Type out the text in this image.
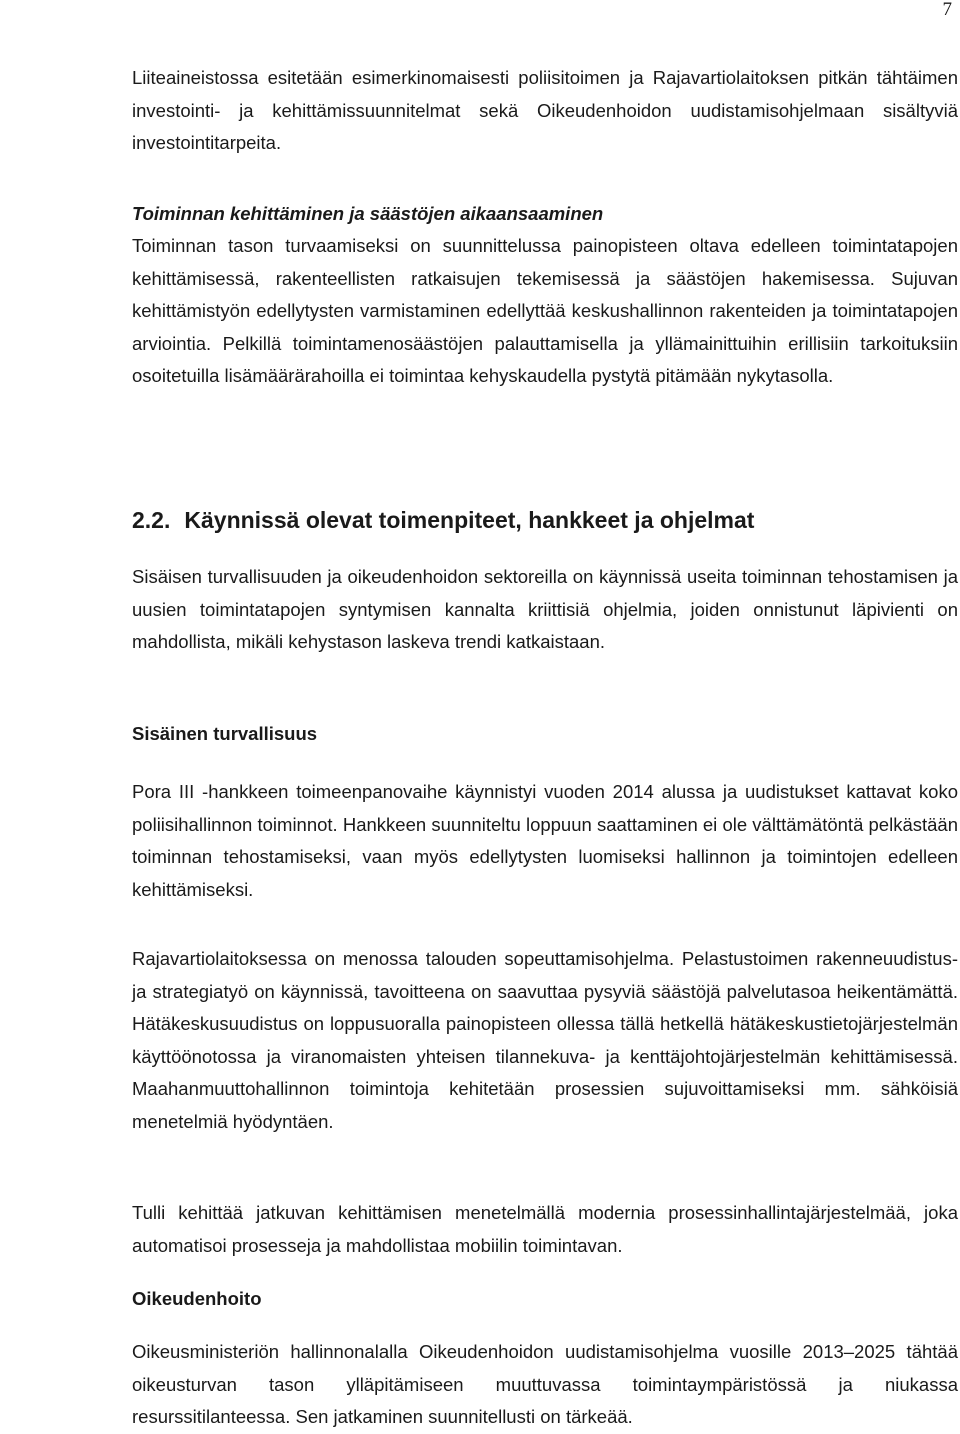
7

Liiteaineistossa esitetään esimerkinomaisesti poliisitoimen ja Rajavartiolaitoksen pitkän tähtäimen investointi- ja kehittämissuunnitelmat sekä Oikeudenhoidon uudistamisohjelmaan sisältyviä investointitarpeita.

Toiminnan kehittäminen ja säästöjen aikaansaaminen

Toiminnan tason turvaamiseksi on suunnittelussa painopisteen oltava edelleen toimintatapojen kehittämisessä, rakenteellisten ratkaisujen tekemisessä ja säästöjen hakemisessa. Sujuvan kehittämistyön edellytysten varmistaminen edellyttää keskushallinnon rakenteiden ja toimintatapojen arviointia. Pelkillä toimintamenosäästöjen palauttamisella ja yllämainittuihin erillisiin tarkoituksiin osoitetuilla lisämäärärahoilla ei toimintaa kehyskaudella pystytä pitämään nykytasolla.

2.2. Käynnissä olevat toimenpiteet, hankkeet ja ohjelmat

Sisäisen turvallisuuden ja oikeudenhoidon sektoreilla on käynnissä useita toiminnan tehostamisen ja uusien toimintatapojen syntymisen kannalta kriittisiä ohjelmia, joiden onnistunut läpivienti on mahdollista, mikäli kehystason laskeva trendi katkaistaan.

Sisäinen turvallisuus

Pora III -hankkeen toimeenpanovaihe käynnistyi vuoden 2014 alussa ja uudistukset kattavat koko poliisihallinnon toiminnot. Hankkeen suunniteltu loppuun saattaminen ei ole välttämätöntä pelkästään toiminnan tehostamiseksi, vaan myös edellytysten luomiseksi hallinnon ja toimintojen edelleen kehittämiseksi.

Rajavartiolaitoksessa on menossa talouden sopeuttamisohjelma. Pelastustoimen rakenneuudistus- ja strategiatyö on käynnissä, tavoitteena on saavuttaa pysyviä säästöjä palvelutasoa heikentämättä. Hätäkeskusuudistus on loppusuoralla painopisteen ollessa tällä hetkellä hätäkeskustietojärjestelmän käyttöönotossa ja viranomaisten yhteisen tilannekuva- ja kenttäjohtojärjestelmän kehittämisessä. Maahanmuuttohallinnon toimintoja kehitetään prosessien sujuvoittamiseksi mm. sähköisiä menetelmiä hyödyntäen.

Tulli kehittää jatkuvan kehittämisen menetelmällä modernia prosessinhallintajärjestelmää, joka automatisoi prosesseja ja mahdollistaa mobiilin toimintavan.

Oikeudenhoito

Oikeusministeriön hallinnonalalla Oikeudenhoidon uudistamisohjelma vuosille 2013–2025 tähtää oikeusturvan tason ylläpitämiseen muuttuvassa toimintaympäristössä ja niukassa resurssitilanteessa. Sen jatkaminen suunnitellusti on tärkeää.
